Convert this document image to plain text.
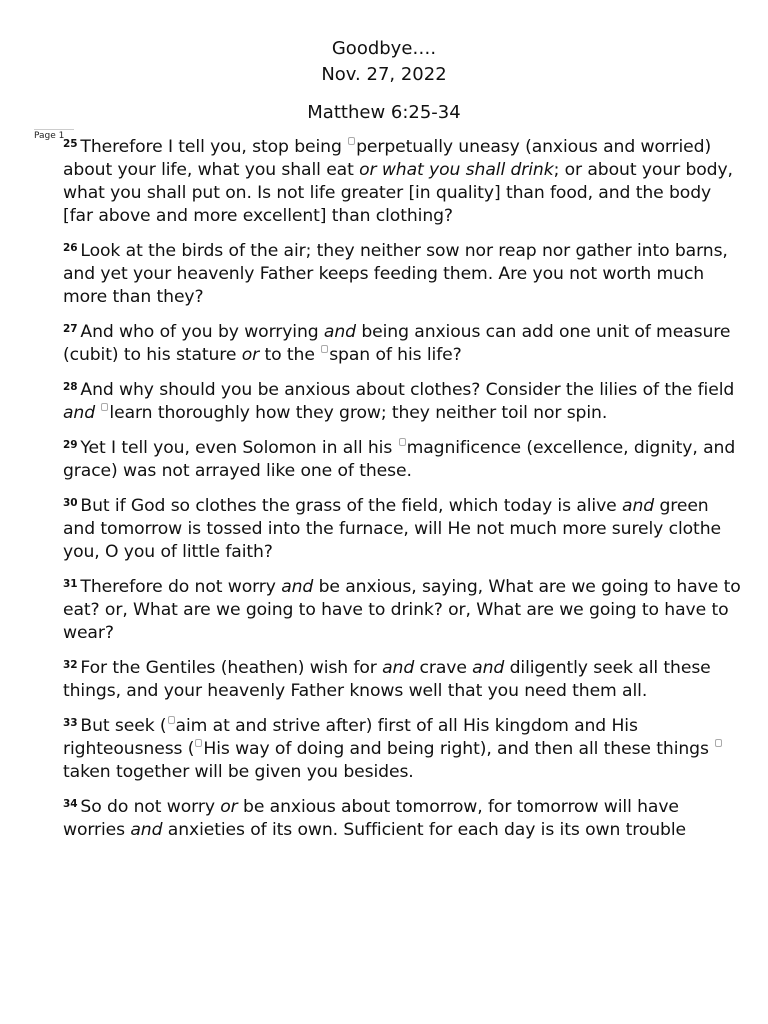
Goodbye….
Nov. 27, 2022
Matthew 6:25-34
Page 1

$^{25}$ Therefore I tell you, stop being perpetually uneasy (anxious and worried) about your life, what you shall eat or what you shall drink; or about your body, what you shall put on. Is not life greater [in quality] than food, and the body [far above and more excellent] than clothing?

$^{26}$ Look at the birds of the air; they neither sow nor reap nor gather into barns, and yet your heavenly Father keeps feeding them. Are you not worth much more than they?

$^{27}$ And who of you by worrying and being anxious can add one unit of measure (cubit) to his stature or to the span of his life?

$^{28}$ And why should you be anxious about clothes? Consider the lilies of the field and learn thoroughly how they grow; they neither toil nor spin.

$^{29}$ Yet I tell you, even Solomon in all his magnificence (excellence, dignity, and grace) was not arrayed like one of these.

$^{30}$ But if God so clothes the grass of the field, which today is alive and green and tomorrow is tossed into the furnace, will He not much more surely clothe you, O you of little faith?

$^{31}$ Therefore do not worry and be anxious, saying, What are we going to have to eat? or, What are we going to have to drink? or, What are we going to have to wear?

$^{32}$ For the Gentiles (heathen) wish for and crave and diligently seek all these things, and your heavenly Father knows well that you need them all.

$^{33}$ But seek ( aim at and strive after) first of all His kingdom and His righteousness ( His way of doing and being right), and then all these things taken together will be given you besides.

$^{34}$ So do not worry or be anxious about tomorrow, for tomorrow will have worries and anxieties of its own. Sufficient for each day is its own trouble
